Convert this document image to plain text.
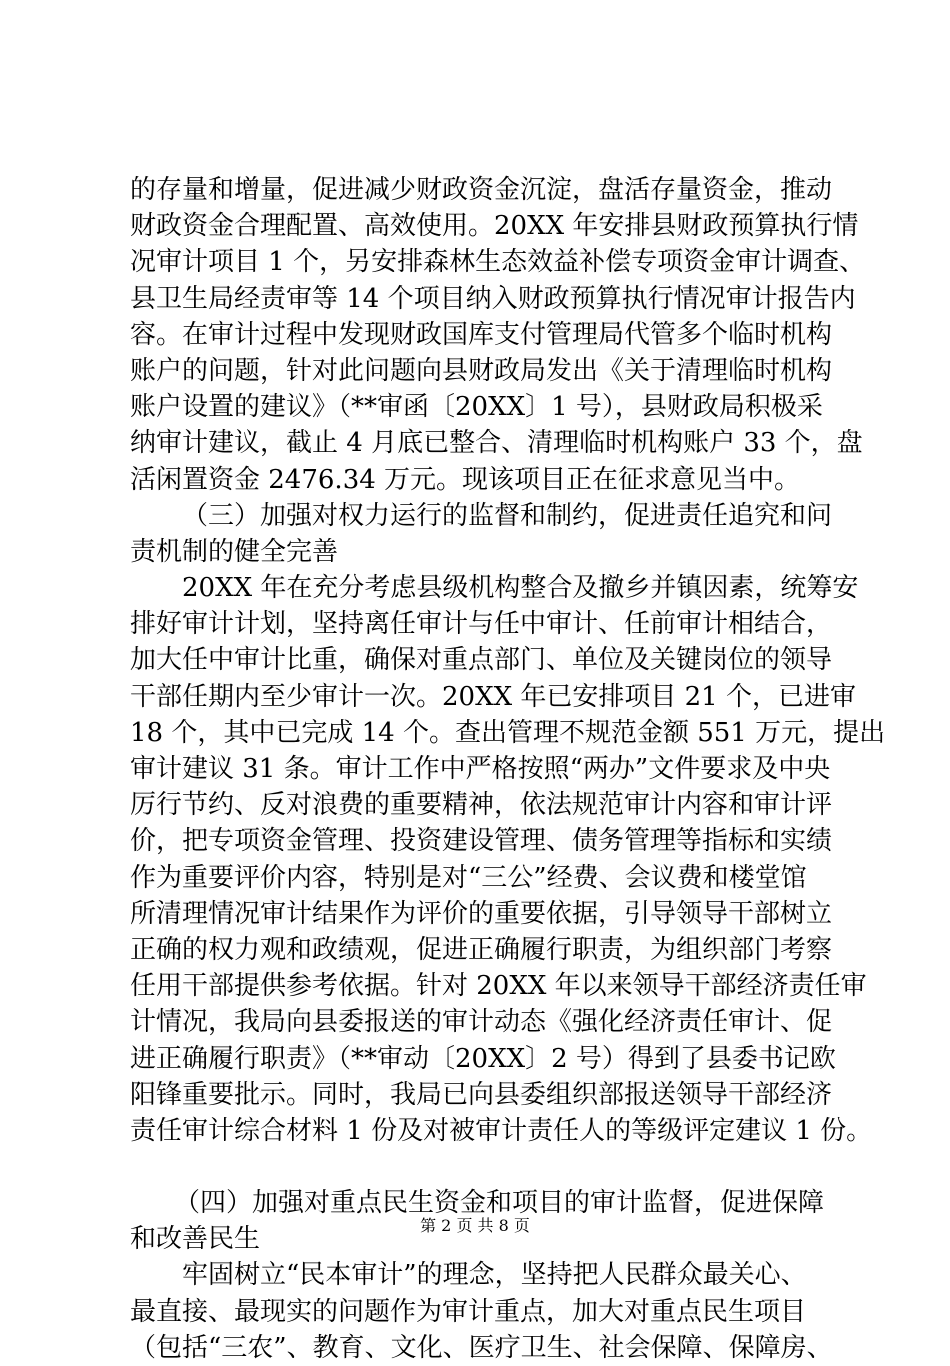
的存量和增量，促进减少财政资金沉淀，盘活存量资金，推动
财政资金合理配置、高效使用。20XX 年安排县财政预算执行情
况审计项目 1 个，另安排森林生态效益补偿专项资金审计调查、
县卫生局经责审等 14 个项目纳入财政预算执行情况审计报告内
容。在审计过程中发现财政国库支付管理局代管多个临时机构
账户的问题，针对此问题向县财政局发出《关于清理临时机构
账户设置的建议》（**审函〔20XX〕1 号），县财政局积极采
纳审计建议，截止 4 月底已整合、清理临时机构账户 33 个，盘
活闲置资金 2476.34 万元。现该项目正在征求意见当中。
（三）加强对权力运行的监督和制约，促进责任追究和问
责机制的健全完善
20XX 年在充分考虑县级机构整合及撤乡并镇因素，统筹安
排好审计计划，坚持离任审计与任中审计、任前审计相结合，
加大任中审计比重，确保对重点部门、单位及关键岗位的领导
干部任期内至少审计一次。20XX 年已安排项目 21 个，已进审
18 个，其中已完成 14 个。查出管理不规范金额 551 万元，提出
审计建议 31 条。审计工作中严格按照“两办”文件要求及中央
厉行节约、反对浪费的重要精神，依法规范审计内容和审计评
价，把专项资金管理、投资建设管理、债务管理等指标和实绩
作为重要评价内容，特别是对“三公”经费、会议费和楼堂馆
所清理情况审计结果作为评价的重要依据，引导领导干部树立
正确的权力观和政绩观，促进正确履行职责，为组织部门考察
任用干部提供参考依据。针对 20XX 年以来领导干部经济责任审
计情况，我局向县委报送的审计动态《强化经济责任审计、促
进正确履行职责》（**审动〔20XX〕2 号）得到了县委书记欧
阳锋重要批示。同时，我局已向县委组织部报送领导干部经济
责任审计综合材料 1 份及对被审计责任人的等级评定建议 1 份。
（四）加强对重点民生资金和项目的审计监督，促进保障
和改善民生
牢固树立“民本审计”的理念，坚持把人民群众最关心、
最直接、最现实的问题作为审计重点，加大对重点民生项目
（包括“三农”、教育、文化、医疗卫生、社会保障、保障房、
第 2 页 共 8 页
